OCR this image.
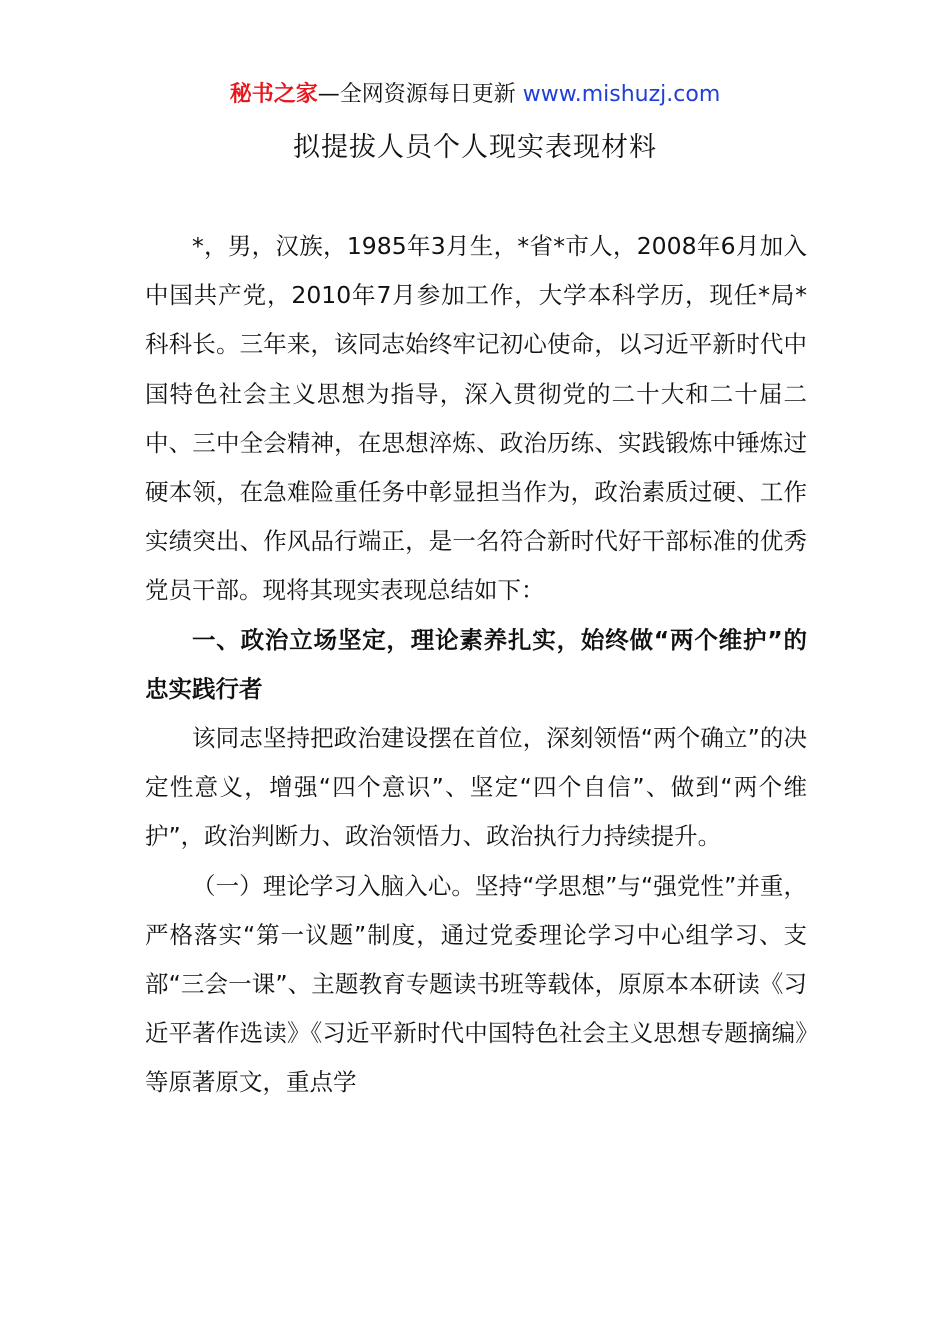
秘书之家—全网资源每日更新 www.mishuzj.com
拟提拔人员个人现实表现材料

*，男，汉族，1985年3月生，*省*市人，2008年6月加入中国共产党，2010年7月参加工作，大学本科学历，现任*局*科科长。三年来，该同志始终牢记初心使命，以习近平新时代中国特色社会主义思想为指导，深入贯彻党的二十大和二十届二中、三中全会精神，在思想淬炼、政治历练、实践锻炼中锤炼过硬本领，在急难险重任务中彰显担当作为，政治素质过硬、工作实绩突出、作风品行端正，是一名符合新时代好干部标准的优秀党员干部。现将其现实表现总结如下：

一、政治立场坚定，理论素养扎实，始终做“两个维护”的忠实践行者

该同志坚持把政治建设摆在首位，深刻领悟“两个确立”的决定性意义，增强“四个意识”、坚定“四个自信”、做到“两个维护”，政治判断力、政治领悟力、政治执行力持续提升。

（一）理论学习入脑入心。坚持“学思想”与“强党性”并重，严格落实“第一议题”制度，通过党委理论学习中心组学习、支部“三会一课”、主题教育专题读书班等载体，原原本本研读《习近平著作选读》《习近平新时代中国特色社会主义思想专题摘编》等原著原文，重点学
